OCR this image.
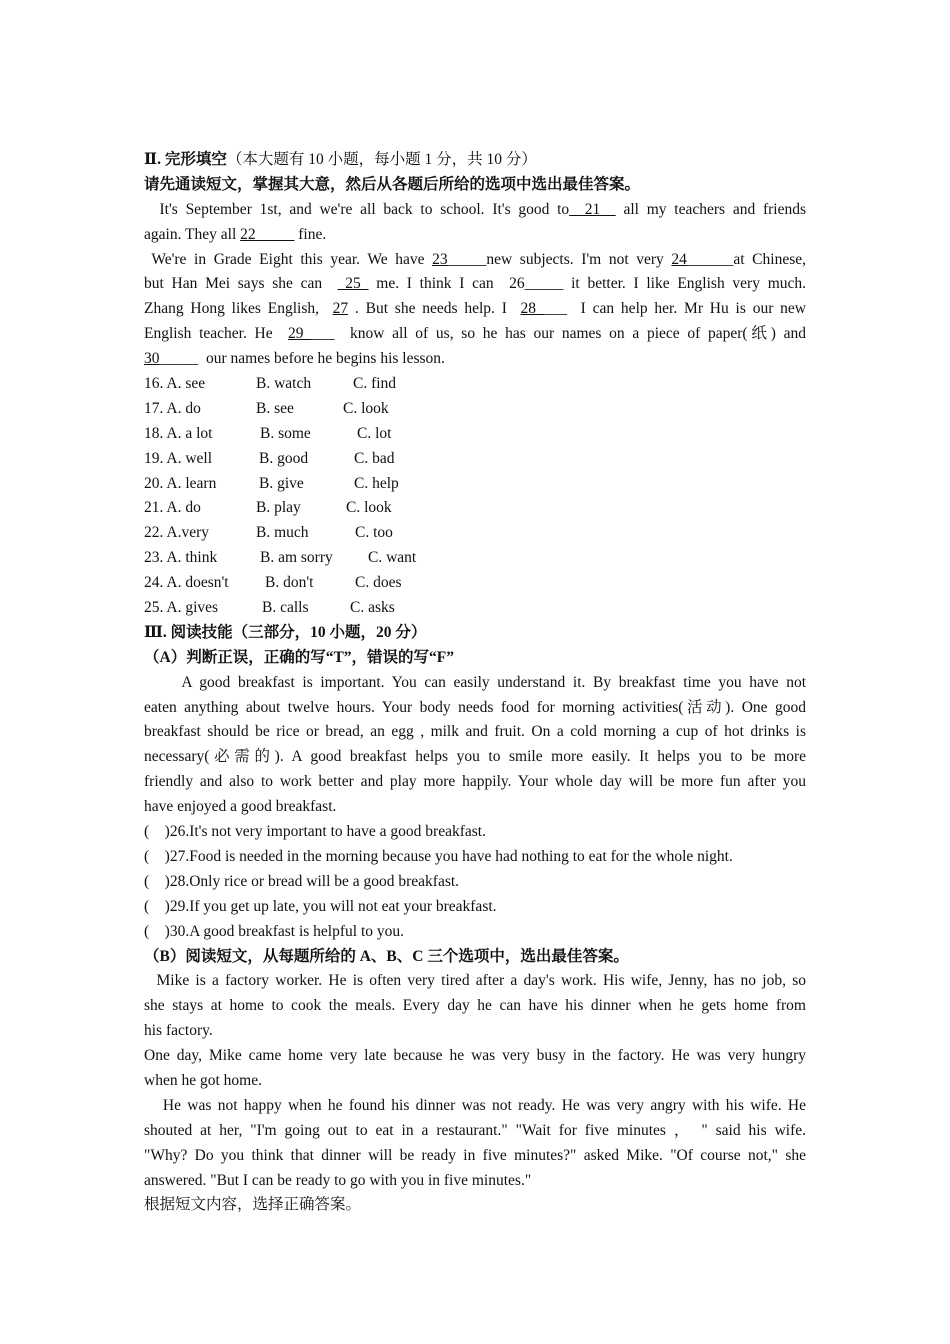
Ⅱ. 完形填空（本大题有 10 小题，每小题 1 分，共 10 分）
请先通读短文，掌握其大意，然后从各题后所给的选项中选出最佳答案。
It's September 1st, and we're all back to school. It's good to  21   all my teachers and friends
again. They all 22_____ fine.
We're in Grade Eight this year. We have 23_____new subjects. I'm not very 24______at Chinese,
but Han Mei says she can   25  me. I think I can  26_____ it better. I like English very much.
Zhang Hong likes English,  27 . But she needs help. I  28____  I can help her. Mr Hu is our new
English teacher. He  29____  know all of us, so he has our names on a piece of paper(纸) and
30_____  our names before he begins his lesson.
16. A. see	B. watch	C. find
17. A. do	B. see	C. look
18. A. a lot	B. some	C. lot
19. A. well	B. good	C. bad
20. A. learn	B. give	C. help
21. A. do	B. play	C. look
22. A.very	B. much	C. too
23. A. think	B. am sorry	C. want
24. A. doesn't	B. don't	C. does
25. A. gives	B. calls	C. asks
Ⅲ. 阅读技能（三部分，10 小题，20 分）
（A）判断正误，正确的写“T”，错误的写“F”
A good breakfast is important. You can easily understand it. By breakfast time you have not
eaten anything about twelve hours. Your body needs food for morning activities(活动). One good
breakfast should be rice or bread, an egg , milk and fruit. On a cold morning a cup of hot drinks is
necessary(必需的). A good breakfast helps you to smile more easily. It helps you to be more
friendly and also to work better and play more happily. Your whole day will be more fun after you
have enjoyed a good breakfast.
(    )26.It's not very important to have a good breakfast.
(    )27.Food is needed in the morning because you have had nothing to eat for the whole night.
(    )28.Only rice or bread will be a good breakfast.
(    )29.If you get up late, you will not eat your breakfast.
(    )30.A good breakfast is helpful to you.
（B）阅读短文，从每题所给的 A、B、C 三个选项中，选出最佳答案。
Mike is a factory worker. He is often very tired after a day's work. His wife, Jenny, has no job, so
she stays at home to cook the meals. Every day he can have his dinner when he gets home from
his factory.
One day, Mike came home very late because he was very busy in the factory. He was very hungry
when he got home.
He was not happy when he found his dinner was not ready. He was very angry with his wife. He
shouted at her, "I'm going out to eat in a restaurant." "Wait for five minutes ， " said his wife.
"Why? Do you think that dinner will be ready in five minutes?" asked Mike. "Of course not," she
answered. "But I can be ready to go with you in five minutes."
根据短文内容，选择正确答案。
